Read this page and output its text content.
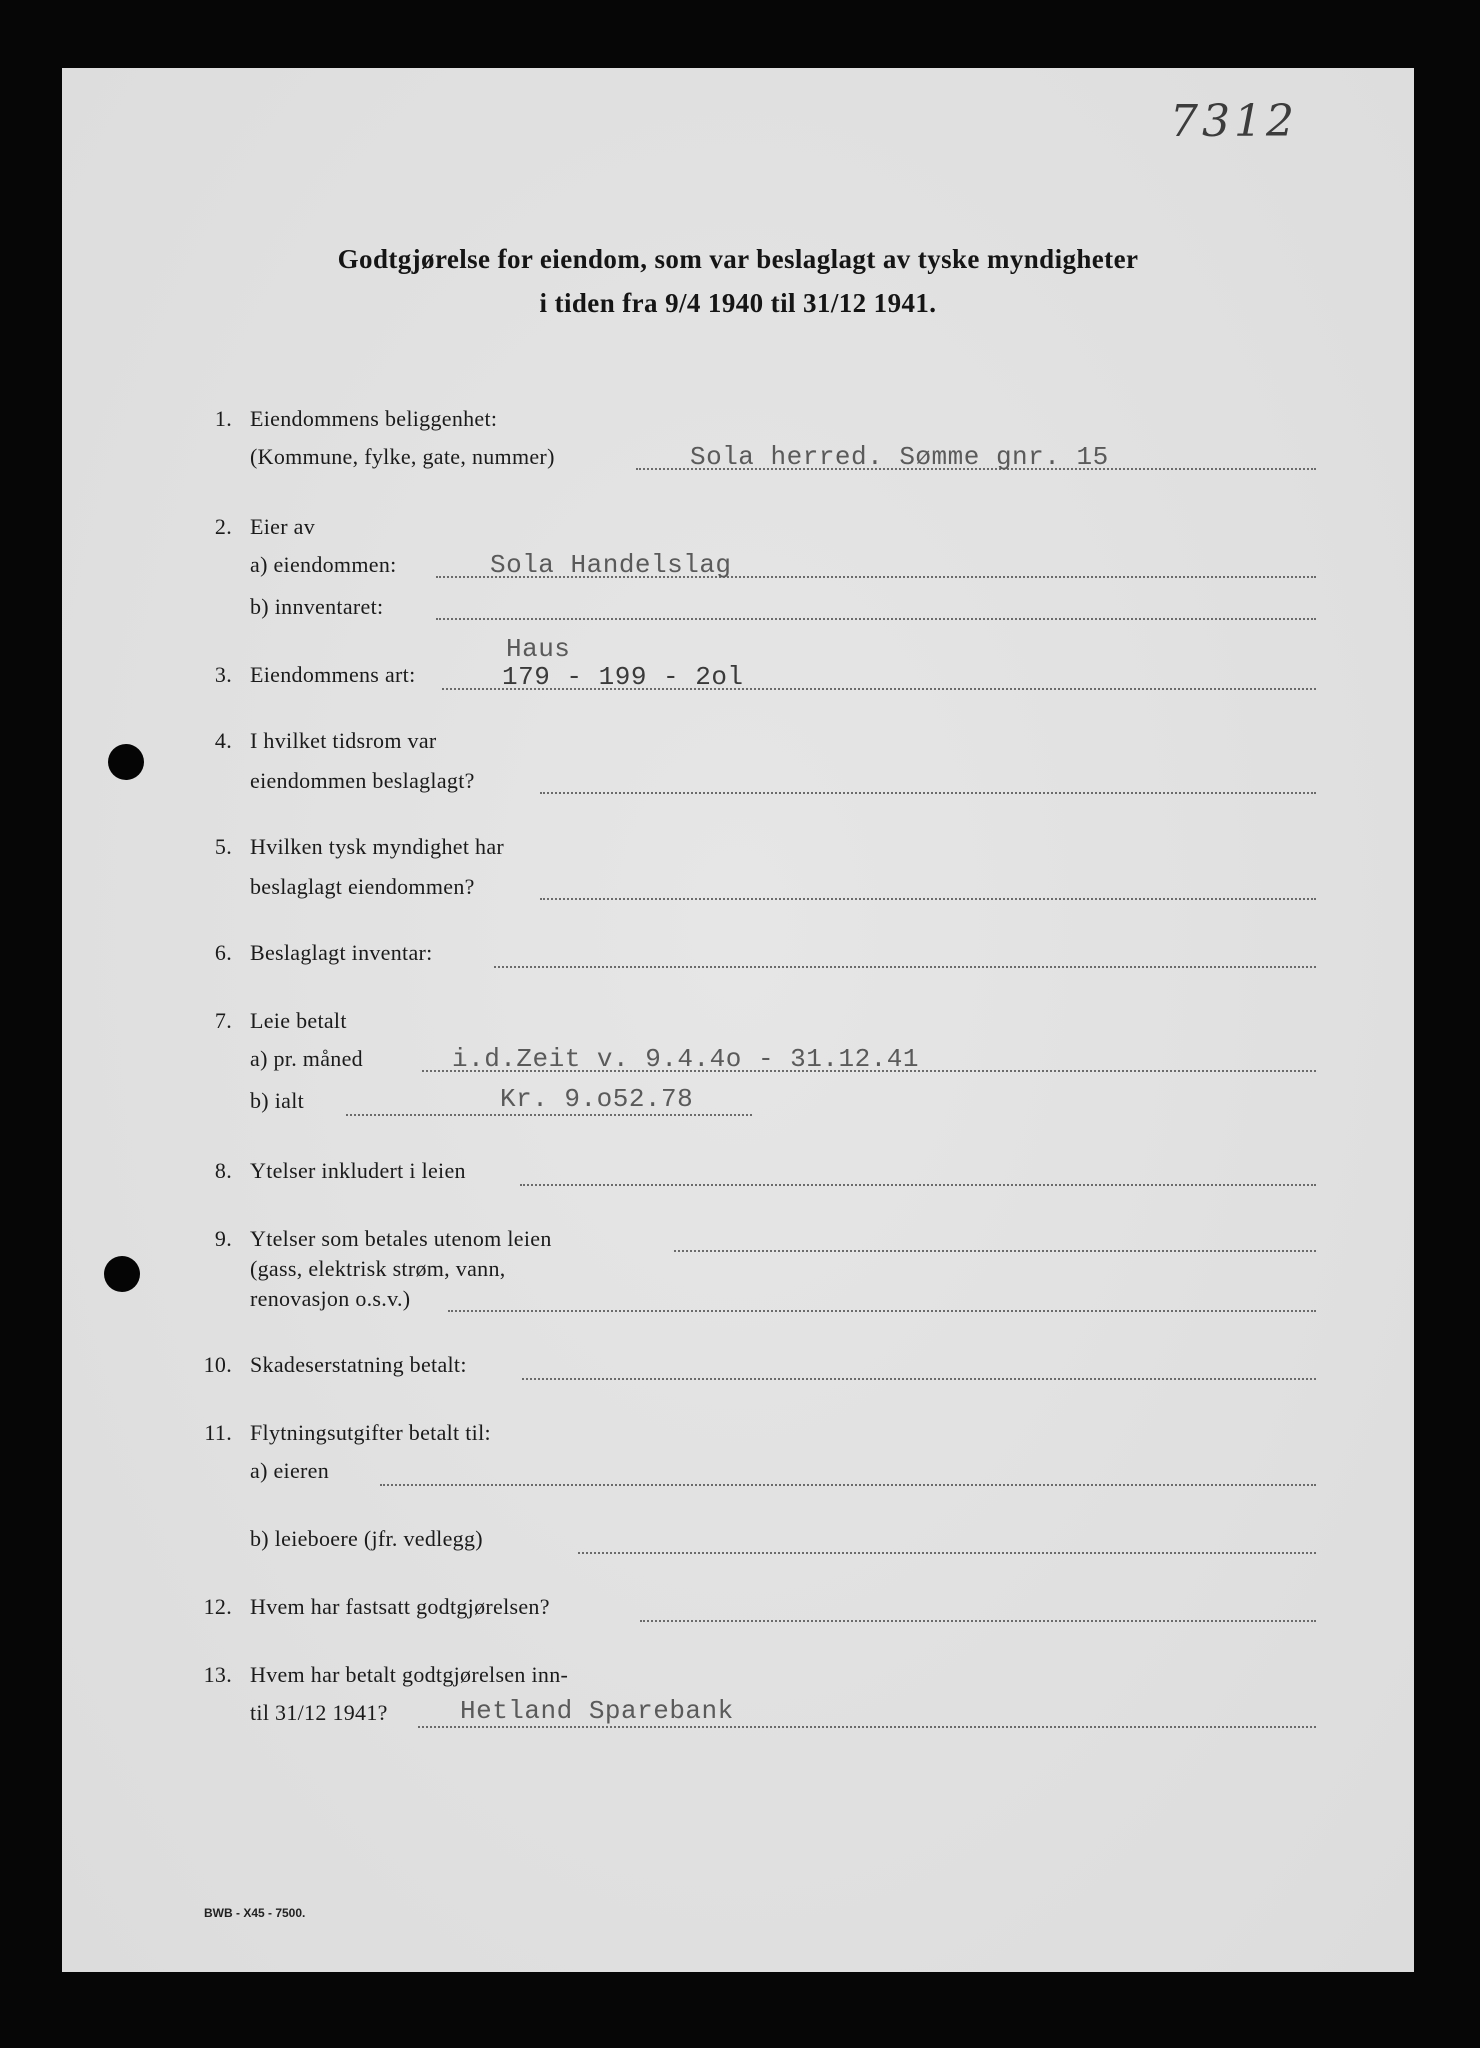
7312
Godtgjørelse for eiendom, som var beslaglagt av tyske myndigheter
i tiden fra 9/4 1940 til 31/12 1941.
1. Eiendommens beliggenhet:
(Kommune, fylke, gate, nummer)	Sola herred. Sømme gnr. 15
2. Eier av
a) eiendommen:	Sola Handelslag
b) innventaret:
Haus
3. Eiendommens art:	179 - 199 - 2ol
4. I hvilket tidsrom var
eiendommen beslaglagt?
5. Hvilken tysk myndighet har
beslaglagt eiendommen?
6. Beslaglagt inventar:
7. Leie betalt
a) pr. måned	i.d.Zeit v. 9.4.4o - 31.12.41
b) ialt	Kr. 9.o52.78
8. Ytelser inkludert i leien
9. Ytelser som betales utenom leien
(gass, elektrisk strøm, vann,
renovasjon o.s.v.)
10. Skadeserstatning betalt:
11. Flytningsutgifter betalt til:
a) eieren
b) leieboere (jfr. vedlegg)
12. Hvem har fastsatt godtgjørelsen?
13. Hvem har betalt godtgjørelsen inn-
til 31/12 1941?	Hetland Sparebank
BWB - X45 - 7500.
